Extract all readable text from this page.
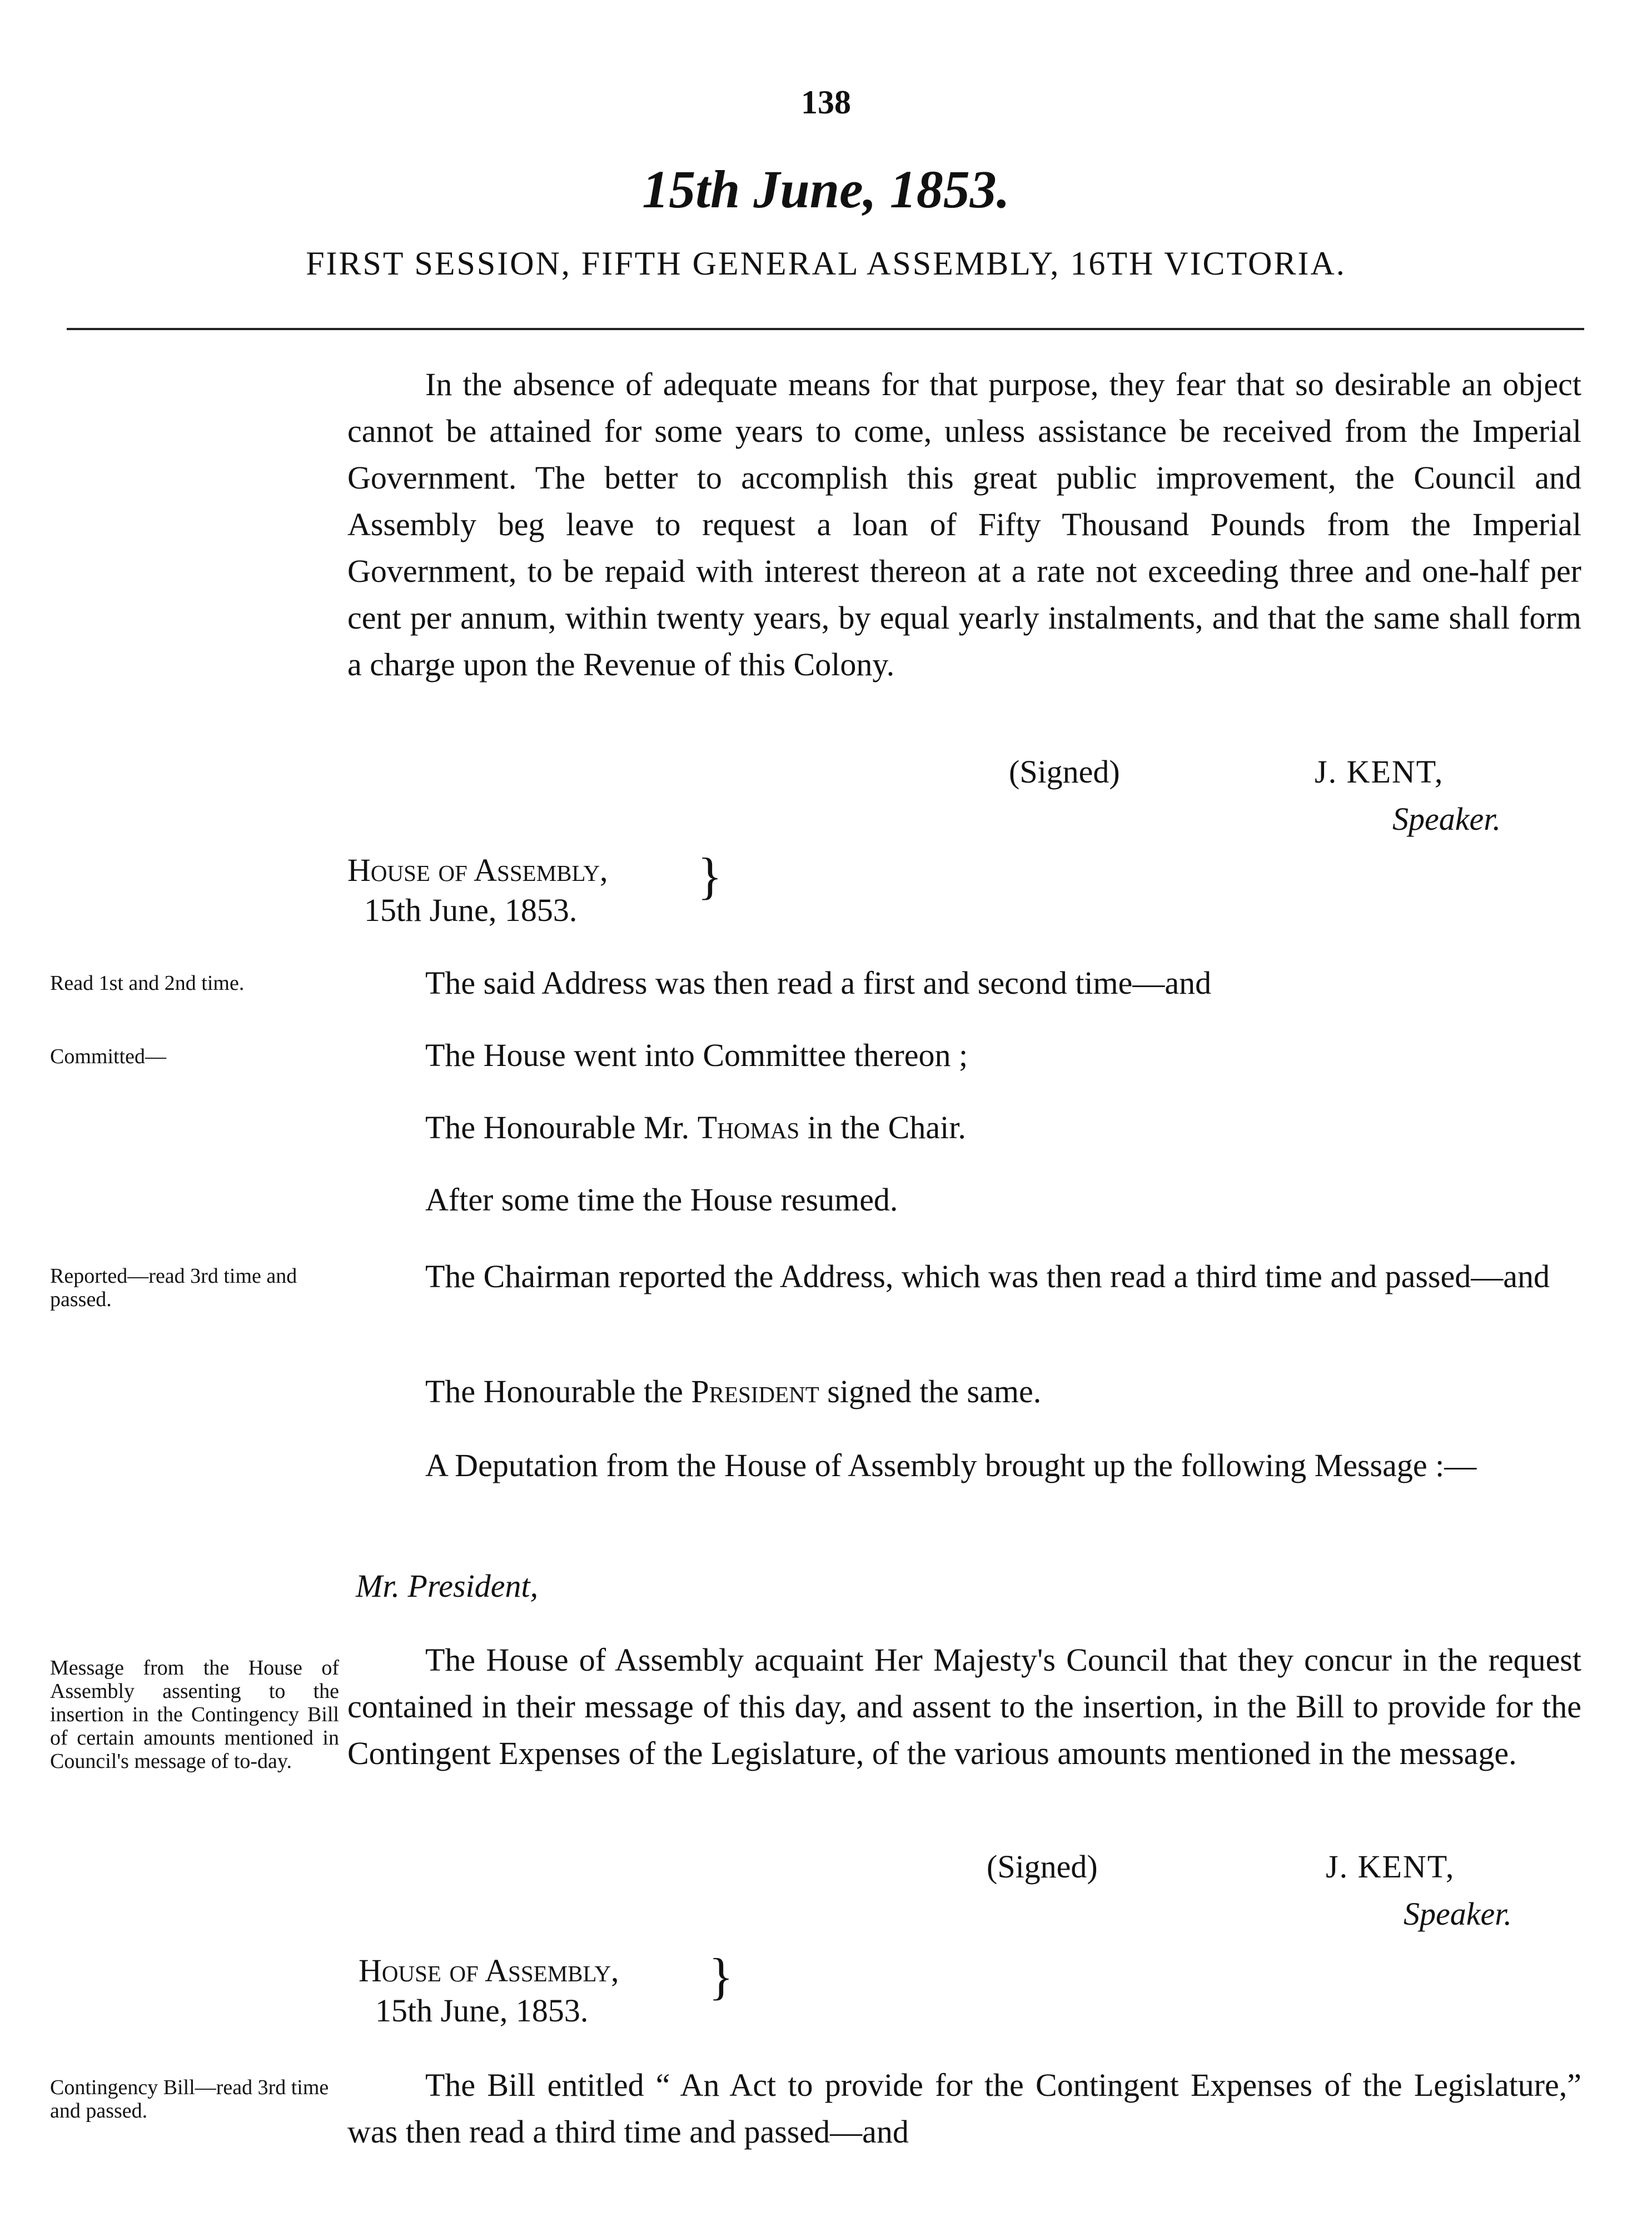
138
15th June, 1853.
FIRST SESSION, FIFTH GENERAL ASSEMBLY, 16TH VICTORIA.
In the absence of adequate means for that purpose, they fear that so desirable an object cannot be attained for some years to come, unless assistance be received from the Imperial Government. The better to accomplish this great public improvement, the Council and Assembly beg leave to request a loan of Fifty Thousand Pounds from the Imperial Government, to be repaid with interest thereon at a rate not exceeding three and one-half per cent per annum, within twenty years, by equal yearly instalments, and that the same shall form a charge upon the Revenue of this Colony.
(Signed)	J. KENT,
Speaker.
House of Assembly,
15th June, 1853.
}
Read 1st and 2nd time.	The said Address was then read a first and second time—and
Committed—	The House went into Committee thereon ;
The Honourable Mr. Thomas in the Chair.
After some time the House resumed.
Reported—read 3rd time and passed.
The Chairman reported the Address, which was then read a third time and passed—and
The Honourable the President signed the same.
A Deputation from the House of Assembly brought up the following Message :—
Mr. President,
Message from the House of Assembly assenting to the insertion in the Contingency Bill of certain amounts mentioned in Council's message of to-day.
The House of Assembly acquaint Her Majesty's Council that they concur in the request contained in their message of this day, and assent to the insertion, in the Bill to provide for the Contingent Expenses of the Legislature, of the various amounts mentioned in the message.
(Signed)	J. KENT,
Speaker.
House of Assembly,
15th June, 1853.
}
Contingency Bill—read 3rd time and passed.
The Bill entitled “ An Act to provide for the Contingent Expenses of the Legislature,” was then read a third time and passed—and
